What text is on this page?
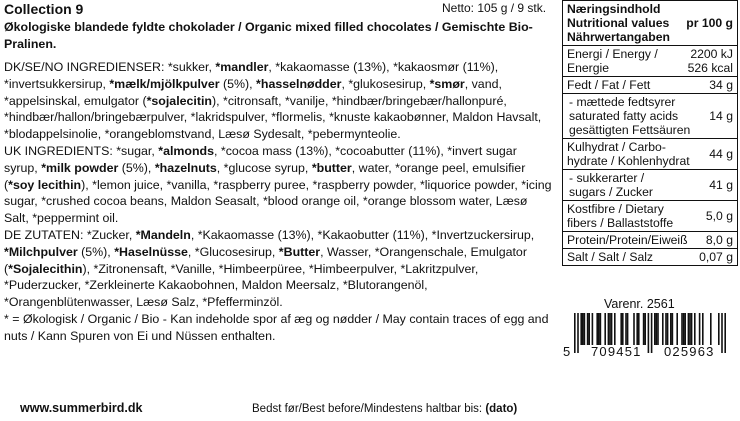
Collection 9	Netto: 105 g / 9 stk.
Økologiske blandede fyldte chokolader / Organic mixed filled chocolates / Gemischte Bio-Pralinen.

DK/SE/NO INGREDIENSER: *sukker, *mandler, *kakaomasse (13%), *kakaosmør (11%), *invertsukkersirup, *mælk/mjölkpulver (5%), *hasselnødder, *glukosesirup, *smør, vand, *appelsinskal, emulgator (*sojalecitin), *citronsaft, *vanilje, *hindbær/bringebær/hallonpuré, *hindbær/hallon/bringebærpulver, *lakridspulver, *flormelis, *knuste kakaobønner, Maldon Havsalt, *blodappelsinolie, *orangeblomstvand, Læsø Sydesalt, *pebermynteolie.

UK INGREDIENTS: *sugar, *almonds, *cocoa mass (13%), *cocoabutter (11%), *invert sugar syrup, *milk powder (5%), *hazelnuts, *glucose syrup, *butter, water, *orange peel, emulsifier (*soy lecithin), *lemon juice, *vanilla, *raspberry puree, *raspberry powder, *liquorice powder, *icing sugar, *crushed cocoa beans, Maldon Seasalt, *blood orange oil, *orange blossom water, Læsø Salt, *peppermint oil.

DE ZUTATEN: *Zucker, *Mandeln, *Kakaomasse (13%), *Kakaobutter (11%), *Invertzuckersirup, *Milchpulver (5%), *Haselnüsse, *Glucosesirup, *Butter, Wasser, *Orangenschale, Emulgator (*Sojalecithin), *Zitronensaft, *Vanille, *Himbeerpüree, *Himbeerpulver, *Lakritzpulver, *Puderzucker, *Zerkleinerte Kakaobohnen, Maldon Meersalz, *Blutorangenöl, *Orangenblütenwasser, Læsø Salz, *Pfefferminzöl.

* = Økologisk / Organic / Bio - Kan indeholde spor af æg og nødder / May contain traces of egg and nuts / Kann Spuren von Ei und Nüssen enthalten.

Næringsindhold
Nutritional values
Nährwertangaben
pr 100 g
Energi / Energy /
Energie
2200 kJ
526 kcal
Fedt / Fat / Fett	34 g
- mættede fedtsyrer
saturated fatty acids
gesättigten Fettsäuren
14 g
Kulhydrat / Carbo-
hydrate / Kohlenhydrat 44 g
- sukkerarter /
sugars / Zucker	41 g
Kostfibre / Dietary
fibers / Ballaststoffe	5,0 g
Protein/Protein/Eiweiß 8,0 g
Salt / Salt / Salz	0,07 g
Varenr. 2561
5 709451 025963
www.summerbird.dk	Bedst før/Best before/Mindestens haltbar bis: (dato)
